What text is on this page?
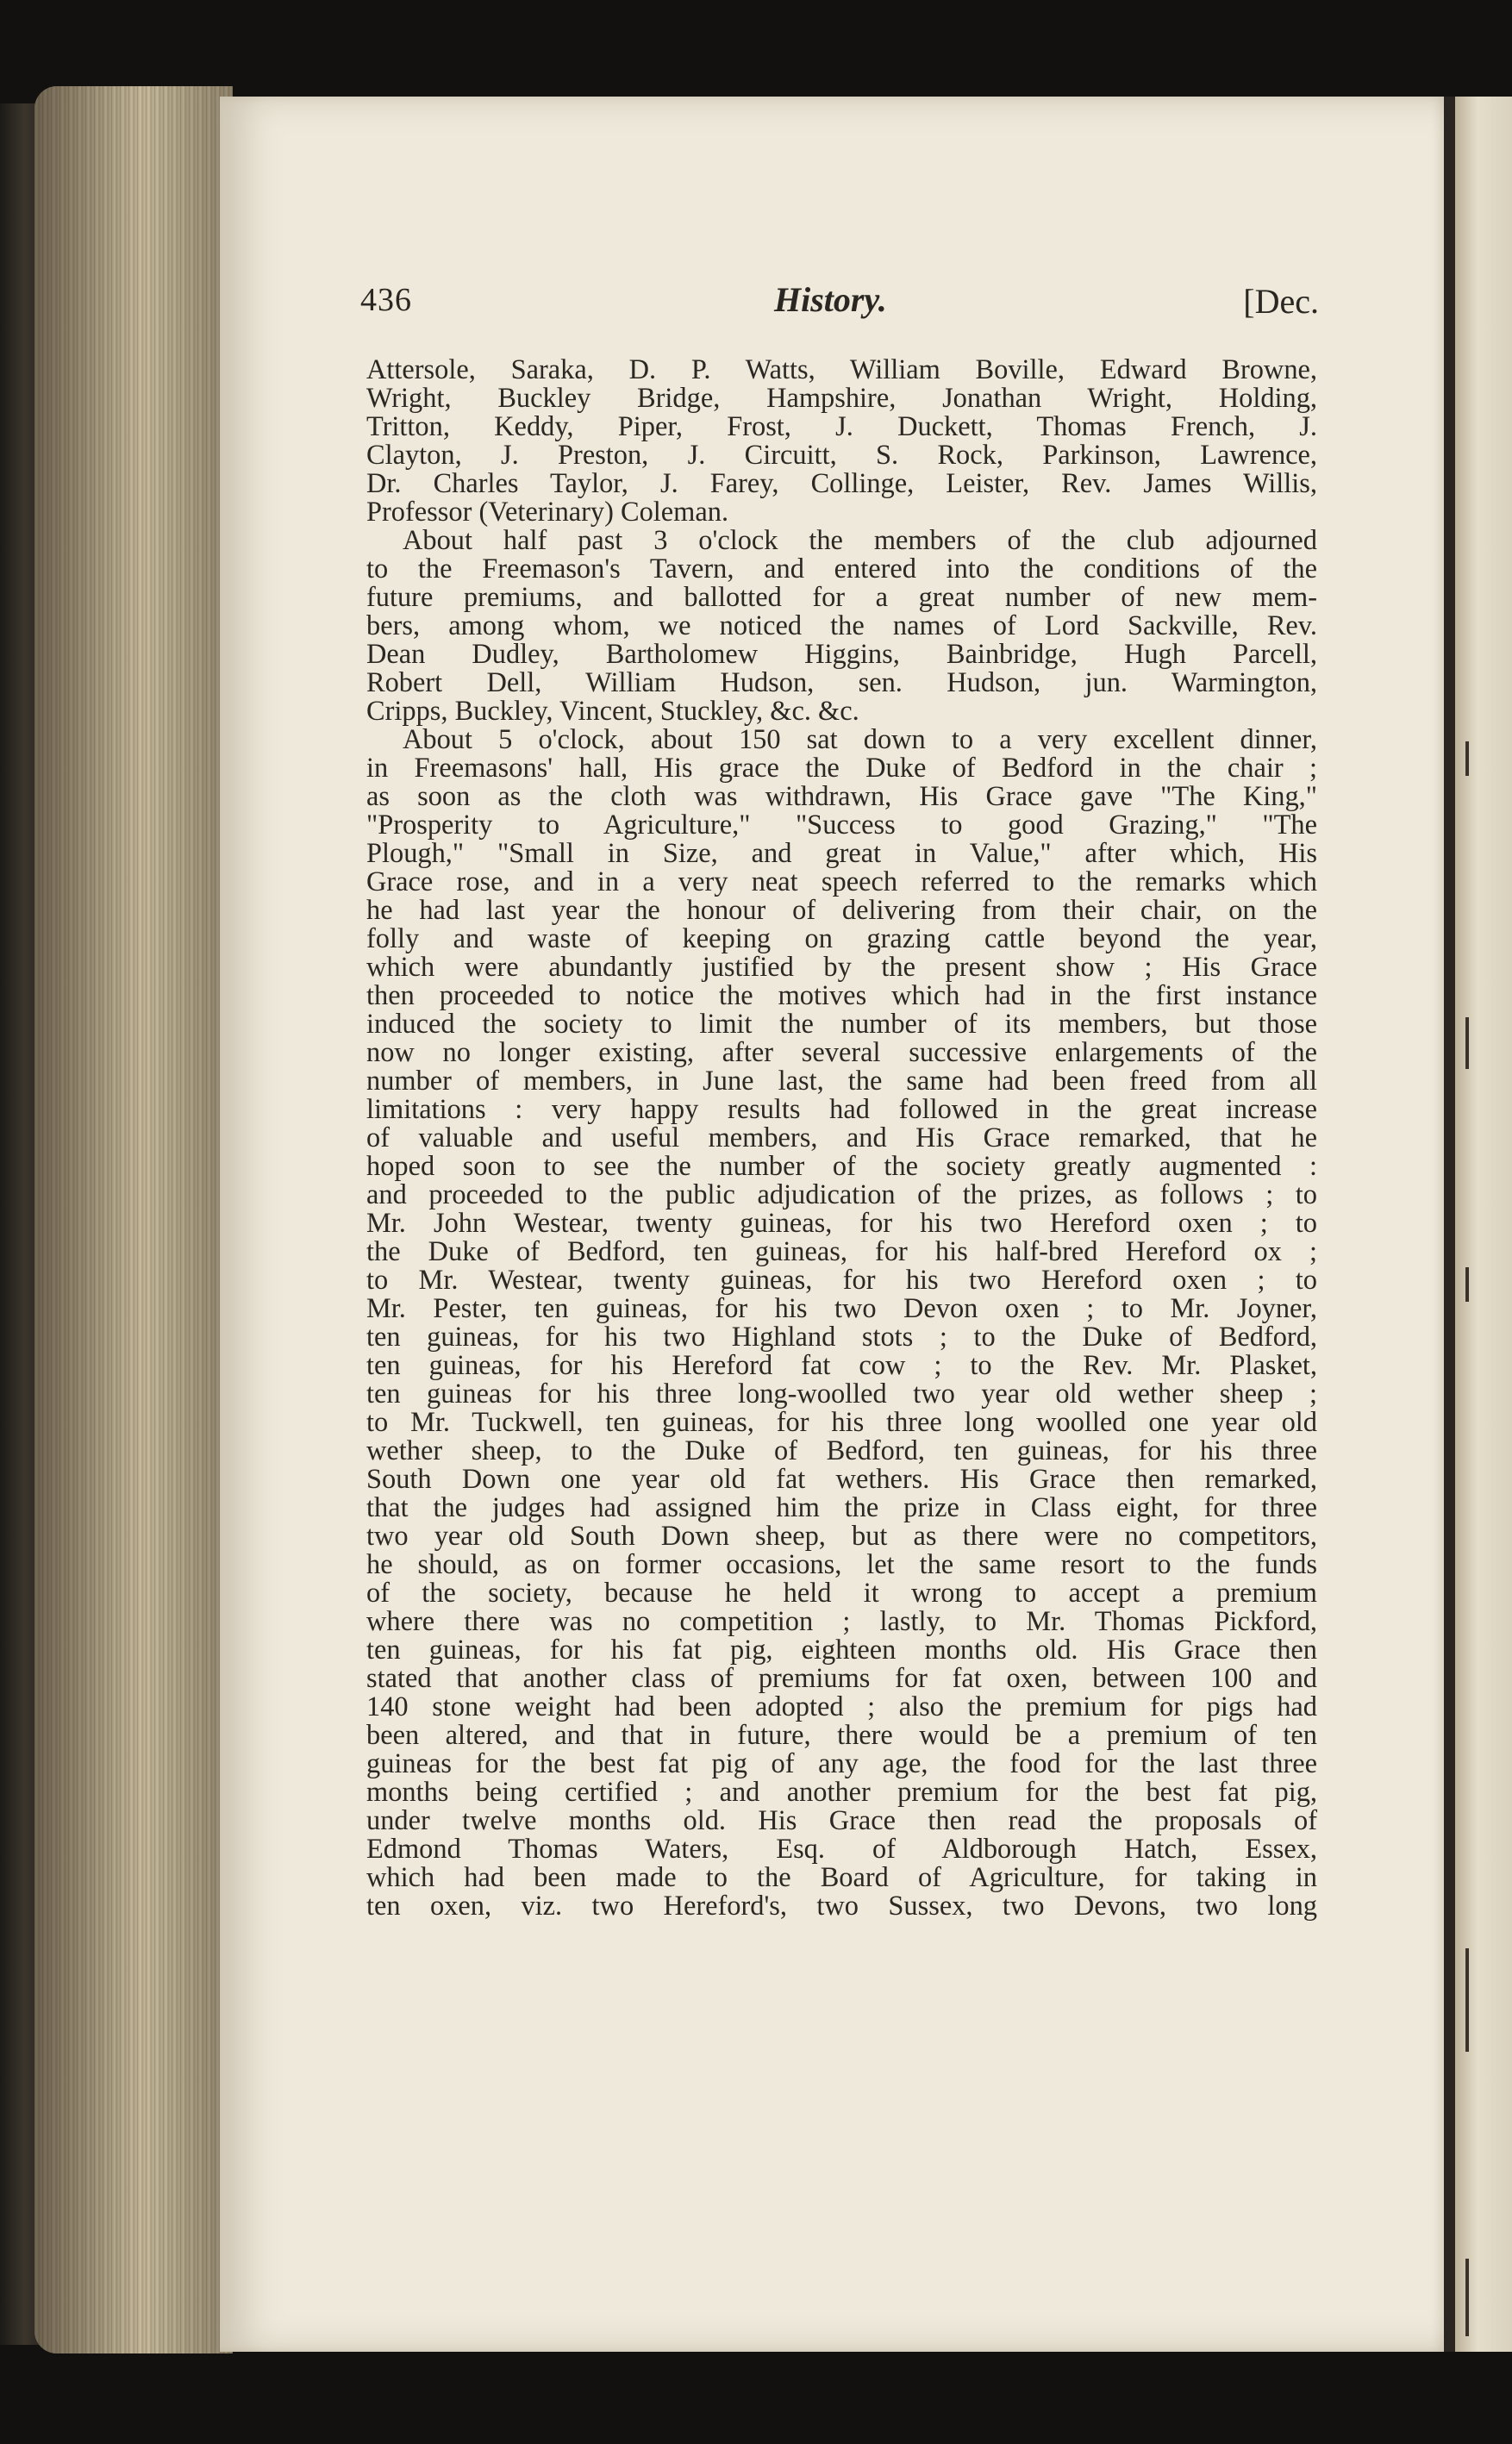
436	History.	[Dec.
Attersole, Saraka, D. P. Watts, William Boville, Edward Browne,
Wright, Buckley Bridge, Hampshire, Jonathan Wright, Holding,
Tritton, Keddy, Piper, Frost, J. Duckett, Thomas French, J.
Clayton, J. Preston, J. Circuitt, S. Rock, Parkinson, Lawrence,
Dr. Charles Taylor, J. Farey, Collinge, Leister, Rev. James Willis,
Professor (Veterinary) Coleman.
About half past 3 o'clock the members of the club adjourned
to the Freemason's Tavern, and entered into the conditions of the
future premiums, and ballotted for a great number of new mem-
bers, among whom, we noticed the names of Lord Sackville, Rev.
Dean Dudley, Bartholomew Higgins, Bainbridge, Hugh Parcell,
Robert Dell, William Hudson, sen. Hudson, jun. Warmington,
Cripps, Buckley, Vincent, Stuckley, &c. &c.
About 5 o'clock, about 150 sat down to a very excellent dinner,
in Freemasons' hall, His grace the Duke of Bedford in the chair ;
as soon as the cloth was withdrawn, His Grace gave "The King,"
"Prosperity to Agriculture," "Success to good Grazing," "The
Plough," "Small in Size, and great in Value," after which, His
Grace rose, and in a very neat speech referred to the remarks which
he had last year the honour of delivering from their chair, on the
folly and waste of keeping on grazing cattle beyond the year,
which were abundantly justified by the present show ; His Grace
then proceeded to notice the motives which had in the first instance
induced the society to limit the number of its members, but those
now no longer existing, after several successive enlargements of the
number of members, in June last, the same had been freed from all
limitations : very happy results had followed in the great increase
of valuable and useful members, and His Grace remarked, that he
hoped soon to see the number of the society greatly augmented :
and proceeded to the public adjudication of the prizes, as follows ; to
Mr. John Westear, twenty guineas, for his two Hereford oxen ; to
the Duke of Bedford, ten guineas, for his half-bred Hereford ox ;
to Mr. Westear, twenty guineas, for his two Hereford oxen ; to
Mr. Pester, ten guineas, for his two Devon oxen ; to Mr. Joyner,
ten guineas, for his two Highland stots ; to the Duke of Bedford,
ten guineas, for his Hereford fat cow ; to the Rev. Mr. Plasket,
ten guineas for his three long-woolled two year old wether sheep ;
to Mr. Tuckwell, ten guineas, for his three long woolled one year old
wether sheep, to the Duke of Bedford, ten guineas, for his three
South Down one year old fat wethers. His Grace then remarked,
that the judges had assigned him the prize in Class eight, for three
two year old South Down sheep, but as there were no competitors,
he should, as on former occasions, let the same resort to the funds
of the society, because he held it wrong to accept a premium
where there was no competition ; lastly, to Mr. Thomas Pickford,
ten guineas, for his fat pig, eighteen months old. His Grace then
stated that another class of premiums for fat oxen, between 100 and
140 stone weight had been adopted ; also the premium for pigs had
been altered, and that in future, there would be a premium of ten
guineas for the best fat pig of any age, the food for the last three
months being certified ; and another premium for the best fat pig,
under twelve months old. His Grace then read the proposals of
Edmond Thomas Waters, Esq. of Aldborough Hatch, Essex,
which had been made to the Board of Agriculture, for taking in
ten oxen, viz. two Hereford's, two Sussex, two Devons, two long
